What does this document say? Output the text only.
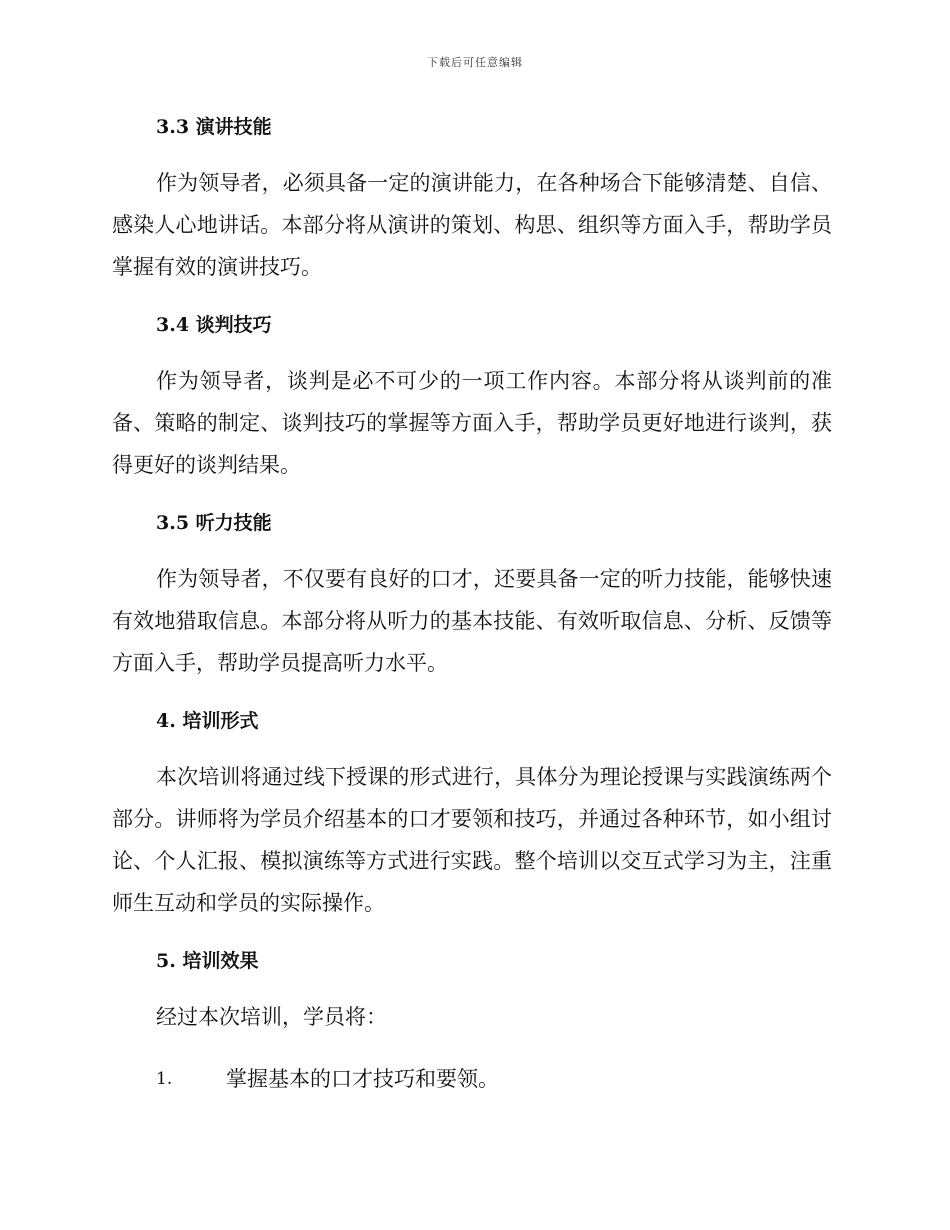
下载后可任意编辑
3.3 演讲技能

作为领导者，必须具备一定的演讲能力，在各种场合下能够清楚、自信、感染人心地讲话。本部分将从演讲的策划、构思、组织等方面入手，帮助学员掌握有效的演讲技巧。

3.4 谈判技巧

作为领导者，谈判是必不可少的一项工作内容。本部分将从谈判前的准备、策略的制定、谈判技巧的掌握等方面入手，帮助学员更好地进行谈判，获得更好的谈判结果。

3.5 听力技能

作为领导者，不仅要有良好的口才，还要具备一定的听力技能，能够快速有效地猎取信息。本部分将从听力的基本技能、有效听取信息、分析、反馈等方面入手，帮助学员提高听力水平。

4. 培训形式

本次培训将通过线下授课的形式进行，具体分为理论授课与实践演练两个部分。讲师将为学员介绍基本的口才要领和技巧，并通过各种环节，如小组讨论、个人汇报、模拟演练等方式进行实践。整个培训以交互式学习为主，注重师生互动和学员的实际操作。

5. 培训效果

经过本次培训，学员将：

1.	掌握基本的口才技巧和要领。
